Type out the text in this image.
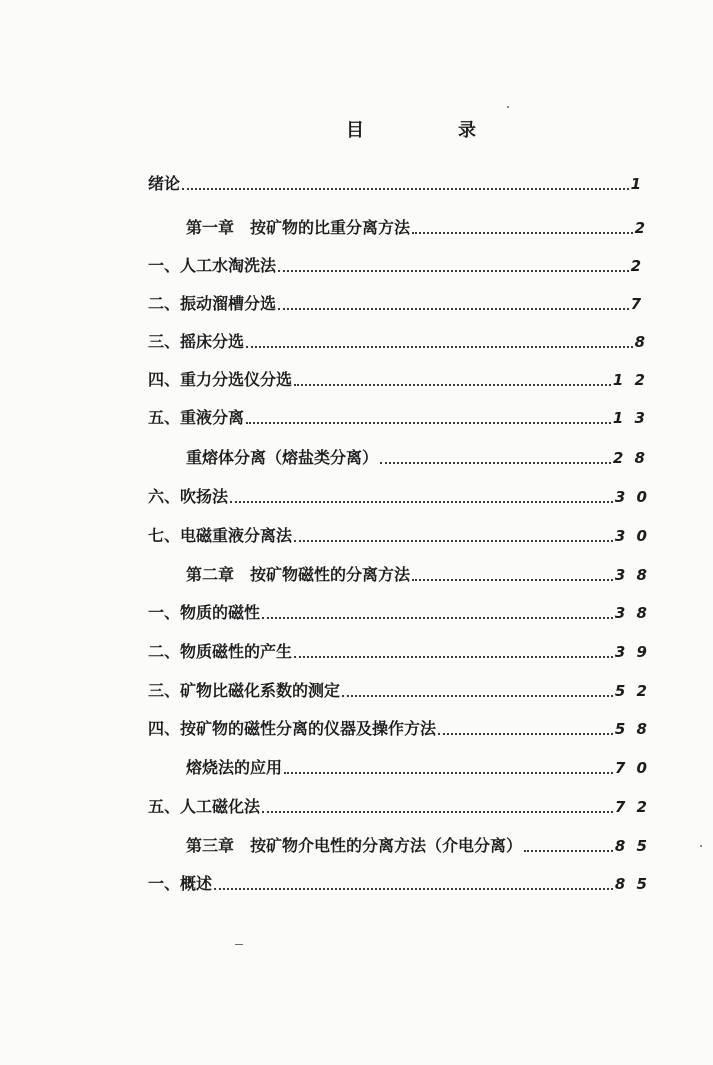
目	录
绪论	1
第一章　按矿物的比重分离方法	2
一、人工水淘洗法	2
二、振动溜槽分选	7
三、摇床分选	8
四、重力分选仪分选	1 2
五、重液分离	1 3
重熔体分离（熔盐类分离）	2 8
六、吹扬法	3 0
七、电磁重液分离法	3 0
第二章　按矿物磁性的分离方法	3 8
一、物质的磁性	3 8
二、物质磁性的产生	3 9
三、矿物比磁化系数的测定	5 2
四、按矿物的磁性分离的仪器及操作方法	5 8
熔烧法的应用	7 0
五、人工磁化法	7 2
第三章　按矿物介电性的分离方法（介电分离）	8 5
一、概述	8 5
